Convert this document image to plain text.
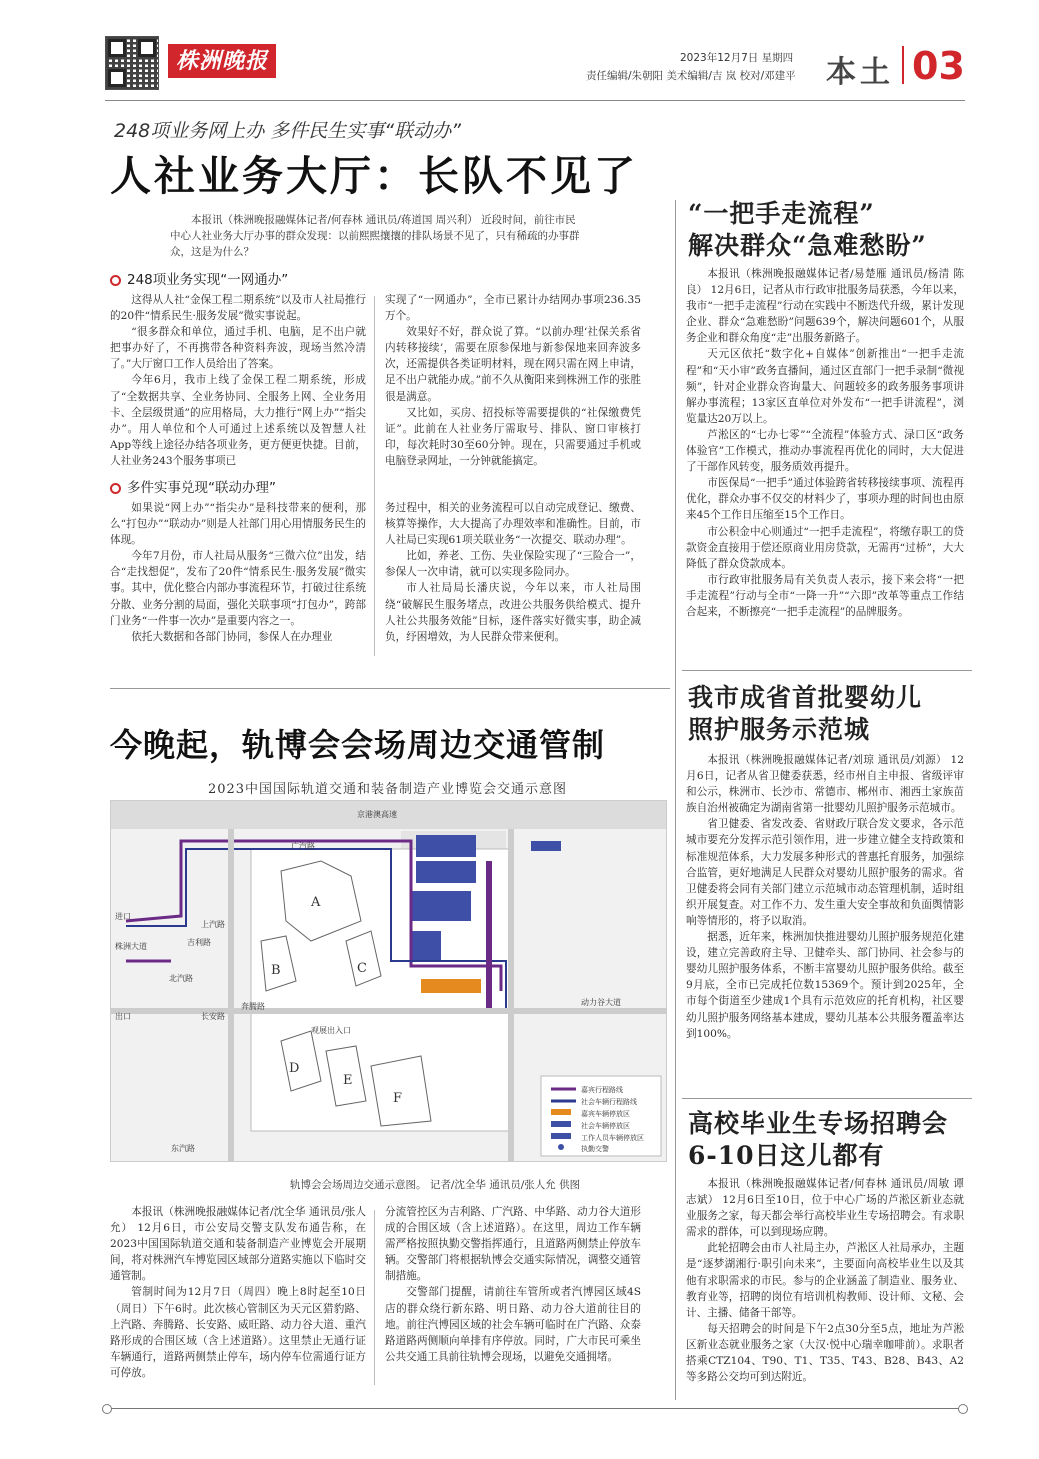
株洲晚报	2023年12月7日 星期四
责任编辑/朱朝阳 美术编辑/吉 岚 校对/邓建平 本土 03
248项业务网上办 多件民生实事“联动办”
人社业务大厅：长队不见了

本报讯（株洲晚报融媒体记者/何春林 通讯员/蒋道国 周兴利） 近段时间，前往市民中心人社业务大厅办事的群众发现：以前熙熙攘攘的排队场景不见了，只有稀疏的办事群众，这是为什么？

248项业务实现“一网通办”

这得从人社“金保工程二期系统”以及市人社局推行的20件“情系民生·服务发展”微实事说起。

“很多群众和单位，通过手机、电脑，足不出户就把事办好了，不再携带各种资料奔波，现场当然冷清了。”大厅窗口工作人员给出了答案。

今年6月，我市上线了金保工程二期系统，形成了“全数据共享、全业务协同、全服务上网、全业务用卡、全层级贯通”的应用格局，大力推行“网上办”“指尖办”。用人单位和个人可通过上述系统以及智慧人社App等线上途径办结各项业务，更方便更快捷。目前，人社业务243个服务事项已

实现了“一网通办”，全市已累计办结网办事项236.35万个。

效果好不好，群众说了算。“以前办理‘社保关系省内转移接续’，需要在原参保地与新参保地来回奔波多次，还需提供各类证明材料，现在网只需在网上申请，足不出户就能办成。”前不久从衡阳来到株洲工作的张胜很是满意。

又比如，买房、招投标等需要提供的“社保缴费凭证”。此前在人社业务厅需取号、排队、窗口审核打印，每次耗时30至60分钟。现在，只需要通过手机或电脑登录网址，一分钟就能搞定。

多件实事兑现“联动办理”

如果说“网上办”“指尖办”是科技带来的便利，那么“打包办”“联动办”则是人社部门用心用情服务民生的体现。

今年7月份，市人社局从服务“三微六位”出发，结合“走找想促”，发布了20件“情系民生·服务发展”微实事。其中，优化整合内部办事流程环节，打破过往系统分散、业务分割的局面，强化关联事项“打包办”，跨部门业务“一件事一次办”是重要内容之一。

依托大数据和各部门协同，参保人在办理业

务过程中，相关的业务流程可以自动完成登记、缴费、核算等操作，大大提高了办理效率和准确性。目前，市人社局已实现61项关联业务“一次提交、联动办理”。

比如，养老、工伤、失业保险实现了“三险合一”，参保人一次申请，就可以实现多险同办。

市人社局局长潘庆说，今年以来，市人社局围绕“破解民生服务堵点，改进公共服务供给模式、提升人社公共服务效能”目标，逐件落实好微实事，助企减负，纾困增效，为人民群众带来便利。

“一把手走流程”
解决群众“急难愁盼”

本报讯（株洲晚报融媒体记者/易楚雁 通讯员/杨清 陈良） 12月6日，记者从市行政审批服务局获悉，今年以来，我市“一把手走流程”行动在实践中不断迭代升级，累计发现企业、群众“急难愁盼”问题639个，解决问题601个，从服务企业和群众角度“走”出服务新路子。

天元区依托“数字化+自媒体”创新推出“一把手走流程”和“天小审”政务直播间，通过区直部门一把手录制“微视频”，针对企业群众咨询量大、问题较多的政务服务事项讲解办事流程；13家区直单位对外发布“一把手讲流程”，浏览量达20万以上。

芦淞区的“七办七零”“全流程”体验方式、渌口区“政务体验官”工作模式，推动办事流程再优化的同时，大大促进了干部作风转变，服务质效再提升。

市医保局“一把手”通过体验跨省转移接续事项、流程再优化，群众办事不仅交的材料少了，事项办理的时间也由原来45个工作日压缩至15个工作日。

市公积金中心则通过“一把手走流程”，将缴存职工的贷款资金直接用于偿还原商业用房贷款，无需再“过桥”，大大降低了群众贷款成本。

市行政审批服务局有关负责人表示，接下来会将“一把手走流程”行动与全市“一降一升”“六即”改革等重点工作结合起来，不断擦亮“一把手走流程”的品牌服务。

我市成省首批婴幼儿
照护服务示范城

本报讯（株洲晚报融媒体记者/刘琼 通讯员/刘源） 12月6日，记者从省卫健委获悉，经市州自主申报、省级评审和公示，株洲市、长沙市、常德市、郴州市、湘西土家族苗族自治州被确定为湖南省第一批婴幼儿照护服务示范城市。

省卫健委、省发改委、省财政厅联合发文要求，各示范城市要充分发挥示范引领作用，进一步建立健全支持政策和标准规范体系，大力发展多种形式的普惠托育服务，加强综合监管，更好地满足人民群众对婴幼儿照护服务的需求。省卫健委将会同有关部门建立示范城市动态管理机制，适时组织开展复查。对工作不力、发生重大安全事故和负面舆情影响等情形的，将予以取消。

据悉，近年来，株洲加快推进婴幼儿照护服务规范化建设，建立完善政府主导、卫健牵头、部门协同、社会参与的婴幼儿照护服务体系，不断丰富婴幼儿照护服务供给。截至9月底，全市已完成托位数15369个。预计到2025年，全市每个街道至少建成1个具有示范效应的托育机构，社区婴幼儿照护服务网络基本建成，婴幼儿基本公共服务覆盖率达到100%。

高校毕业生专场招聘会
6-10日这儿都有

本报讯（株洲晚报融媒体记者/何春林 通讯员/周敏 谭志斌） 12月6日至10日，位于中心广场的芦淞区新业态就业服务之家，每天都会举行高校毕业生专场招聘会。有求职需求的群体，可以到现场应聘。

此轮招聘会由市人社局主办，芦淞区人社局承办，主题是“逐梦湖湘行·职引向未来”，主要面向高校毕业生以及其他有求职需求的市民。参与的企业涵盖了制造业、服务业、教育业等，招聘的岗位有培训机构教师、设计师、文秘、会计、主播、储备干部等。

每天招聘会的时间是下午2点30分至5点，地址为芦淞区新业态就业服务之家（大汉·悦中心瑞幸咖啡前）。求职者搭乘CTZ104、T90、T1、T35、T43、B28、B43、A2等多路公交均可到达附近。

今晚起，轨博会会场周边交通管制
2023中国国际轨道交通和装备制造产业博览会交通示意图
京港澳高速
A
B	C
D
E
F
广汽路
上汽路
长安路
奔腾路
东汽路
动力谷大道
吉利路
株洲大道
北汽路
进口
出口
观展出入口
嘉宾行程路线
社会车辆行程路线
嘉宾车辆停放区
社会车辆停放区
工作人员车辆停放区
执勤交警
轨博会会场周边交通示意图。 记者/沈全华 通讯员/张人允 供图

本报讯（株洲晚报融媒体记者/沈全华 通讯员/张人允） 12月6日，市公安局交警支队发布通告称，在2023中国国际轨道交通和装备制造产业博览会开展期间，将对株洲汽车博览园区域部分道路实施以下临时交通管制。

管制时间为12月7日（周四）晚上8时起至10日（周日）下午6时。此次核心管制区为天元区猎豹路、上汽路、奔腾路、长安路、威旺路、动力谷大道、重汽路形成的合围区域（含上述道路）。这里禁止无通行证车辆通行，道路两侧禁止停车，场内停车位需通行证方可停放。

分流管控区为吉利路、广汽路、中华路、动力谷大道形成的合围区域（含上述道路）。在这里，周边工作车辆需严格按照执勤交警指挥通行，且道路两侧禁止停放车辆。交警部门将根据轨博会交通实际情况，调整交通管制措施。

交警部门提醒，请前往车管所或者汽博园区域4S店的群众绕行新东路、明日路、动力谷大道前往目的地。前往汽博园区域的社会车辆可临时在广汽路、众泰路道路两侧顺向单排有序停放。同时，广大市民可乘坐公共交通工具前往轨博会现场，以避免交通拥堵。
